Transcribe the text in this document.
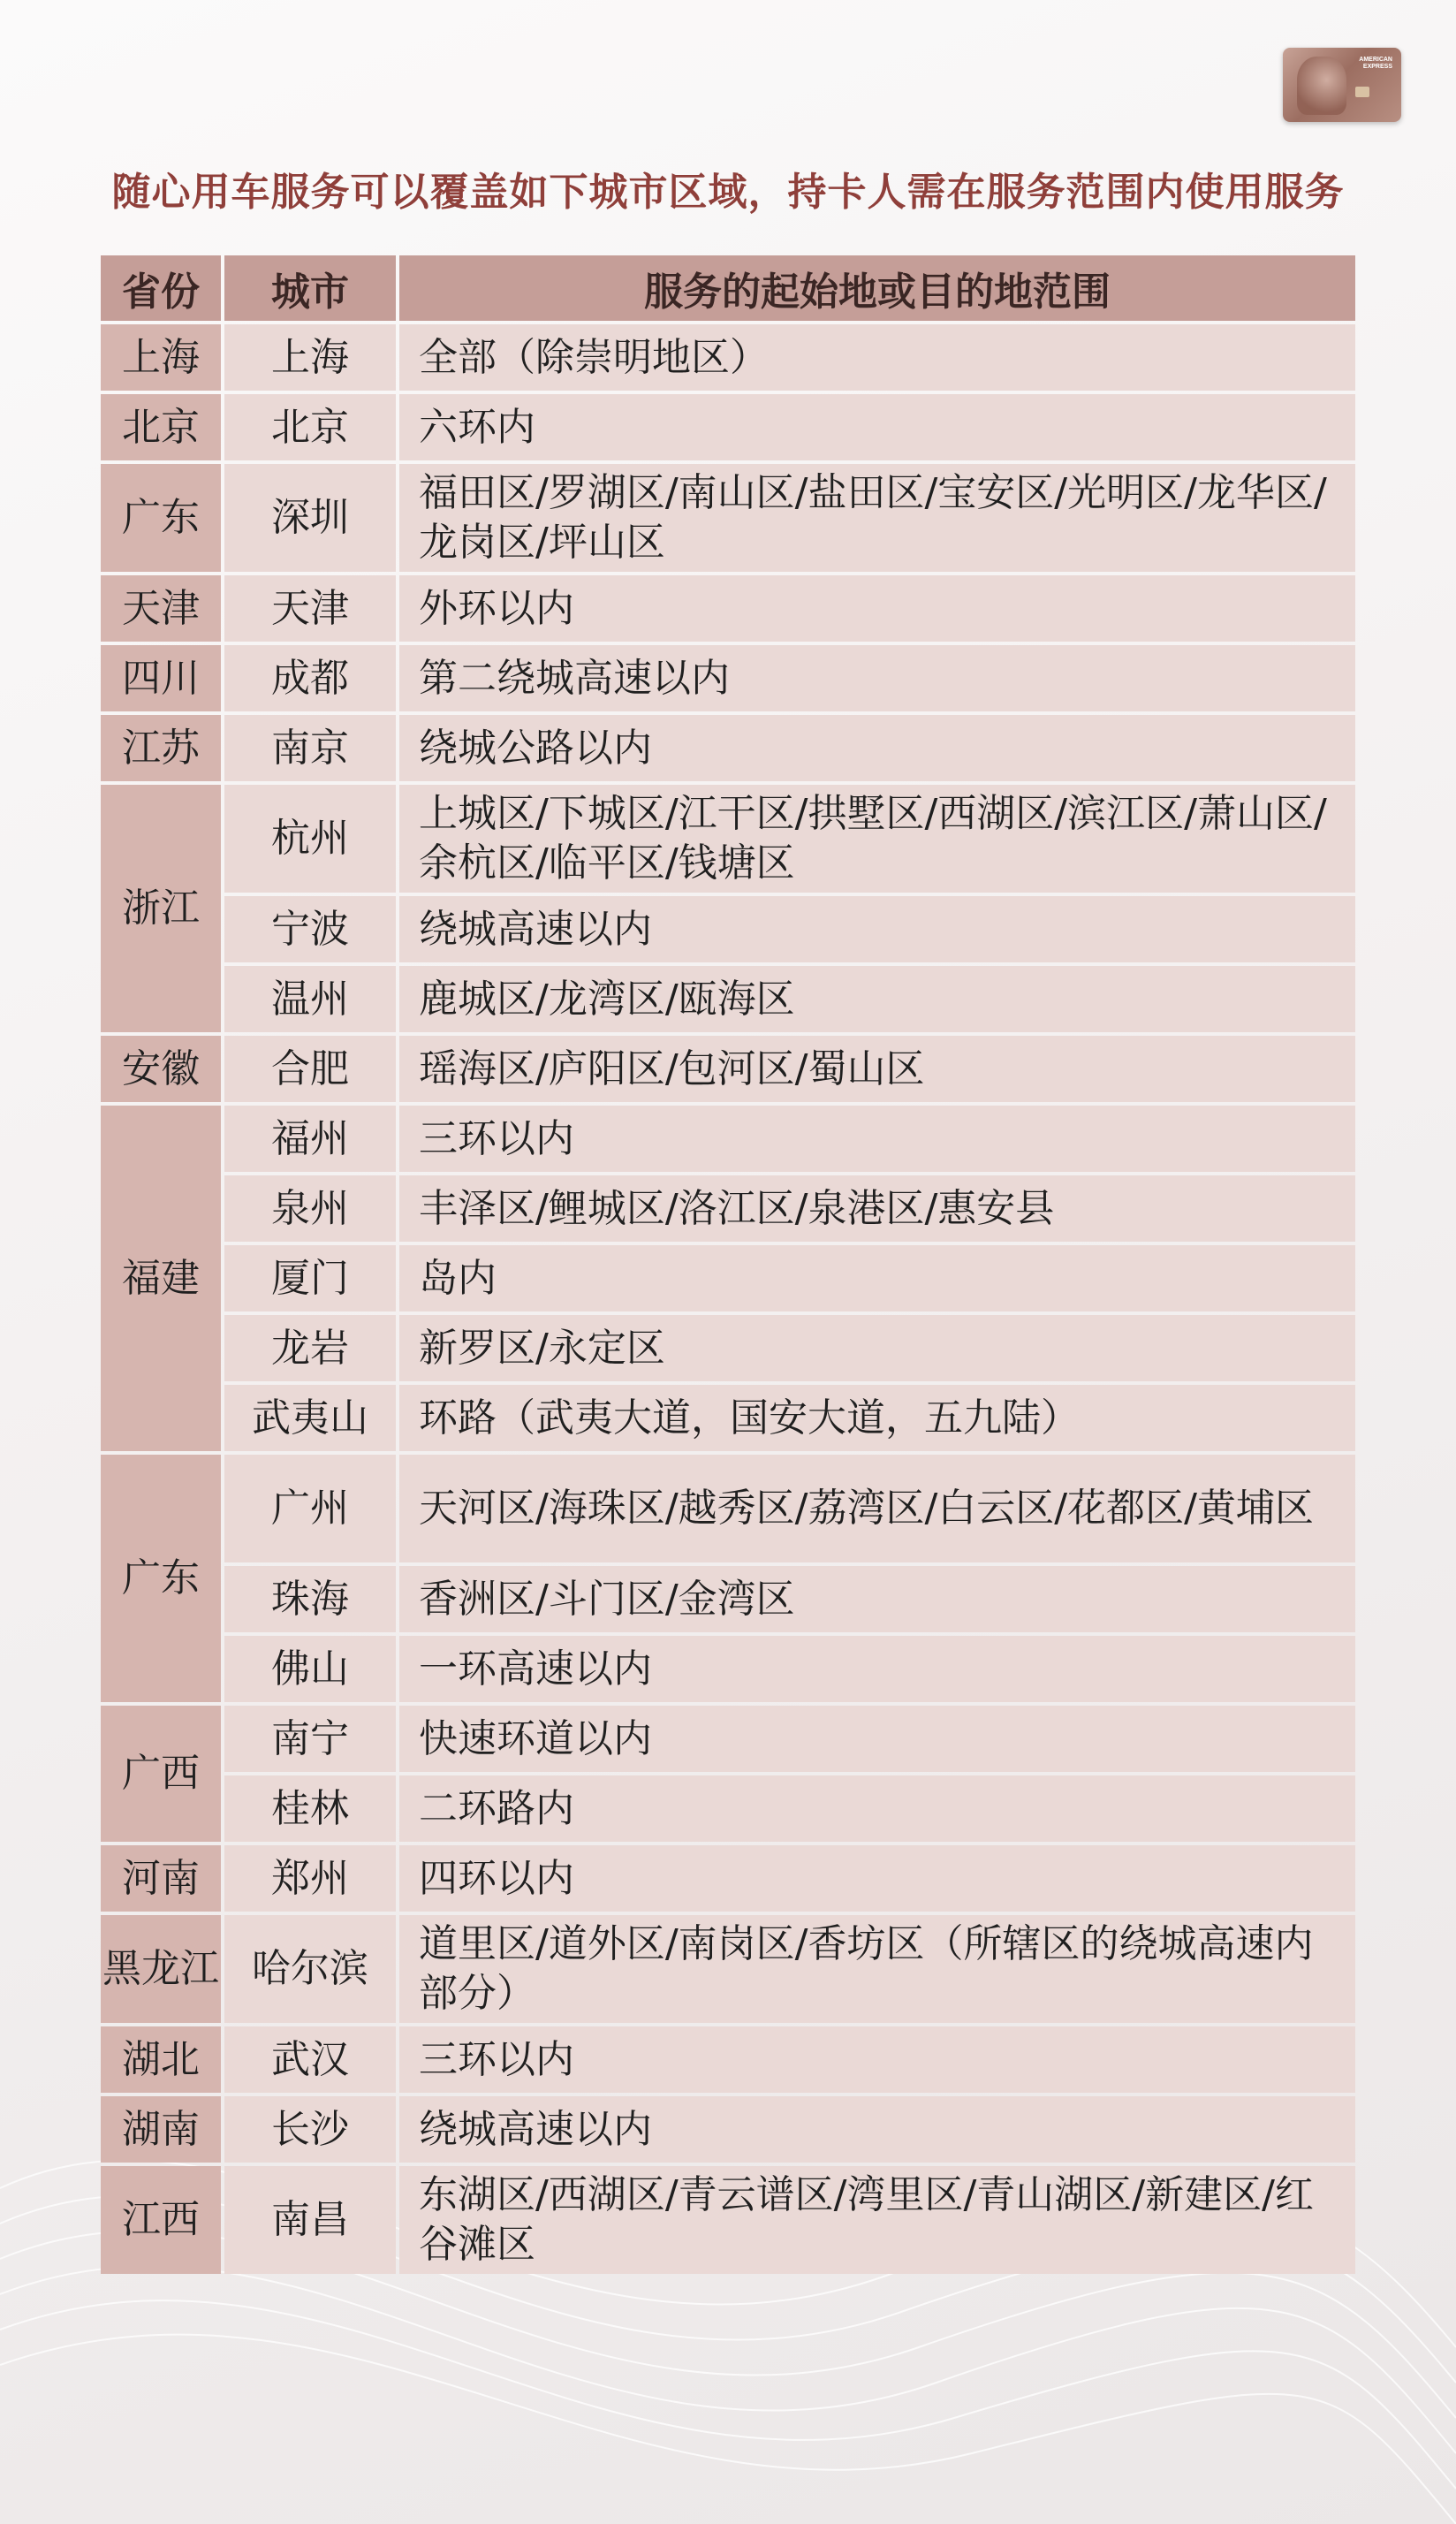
AMERICAN EXPRESS
随心用车服务可以覆盖如下城市区域，持卡人需在服务范围内使用服务
省份	城市	服务的起始地或目的地范围
上海	上海	全部（除崇明地区）
北京	北京	六环内
广东	深圳	福田区/罗湖区/南山区/盐田区/宝安区/光明区/龙华区/龙岗区/坪山区
天津	天津	外环以内
四川	成都	第二绕城高速以内
江苏	南京	绕城公路以内
浙江	杭州	上城区/下城区/江干区/拱墅区/西湖区/滨江区/萧山区/余杭区/临平区/钱塘区
	宁波	绕城高速以内
	温州	鹿城区/龙湾区/瓯海区
安徽	合肥	瑶海区/庐阳区/包河区/蜀山区
福建	福州	三环以内
	泉州	丰泽区/鲤城区/洛江区/泉港区/惠安县
	厦门	岛内
	龙岩	新罗区/永定区
	武夷山	环路（武夷大道，国安大道，五九陆）
广东	广州	天河区/海珠区/越秀区/荔湾区/白云区/花都区/黄埔区
	珠海	香洲区/斗门区/金湾区
	佛山	一环高速以内
广西	南宁	快速环道以内
	桂林	二环路内
河南	郑州	四环以内
黑龙江	哈尔滨	道里区/道外区/南岗区/香坊区（所辖区的绕城高速内部分）
湖北	武汉	三环以内
湖南	长沙	绕城高速以内
江西	南昌	东湖区/西湖区/青云谱区/湾里区/青山湖区/新建区/红谷滩区
